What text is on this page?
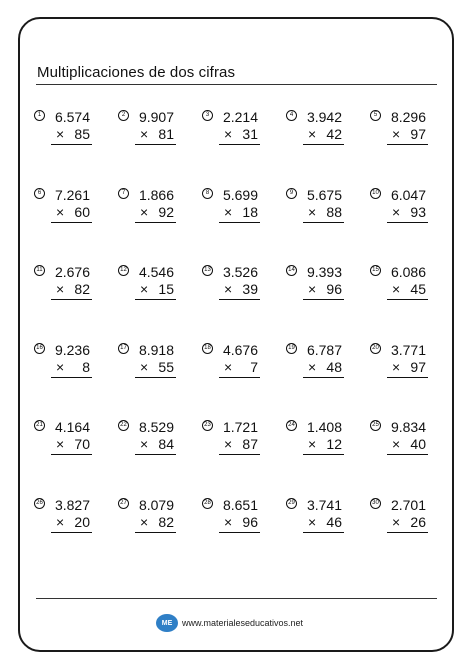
Multiplicaciones de dos cifras
1 6.574
× 85
2 9.907
× 81
3 2.214
× 31
4 3.942
× 42
5 8.296
× 97
6 7.261
× 60
7 1.866
× 92
8 5.699
× 18
9 5.675
× 88
10 6.047
× 93
11 2.676
× 82
12 4.546
× 15
13 3.526
× 39
14 9.393
× 96
15 6.086
× 45
16 9.236
×	8
17 8.918
× 55
18 4.676
×	7
19 6.787
× 48
20 3.771
× 97
21 4.164
× 70
22 8.529
× 84
23 1.721
× 87
24 1.408
× 12
25 9.834
× 40
26 3.827
× 20
27 8.079
× 82
28 8.651
× 96
29 3.741
× 46
30 2.701
× 26
ME	www.materialeseducativos.net
